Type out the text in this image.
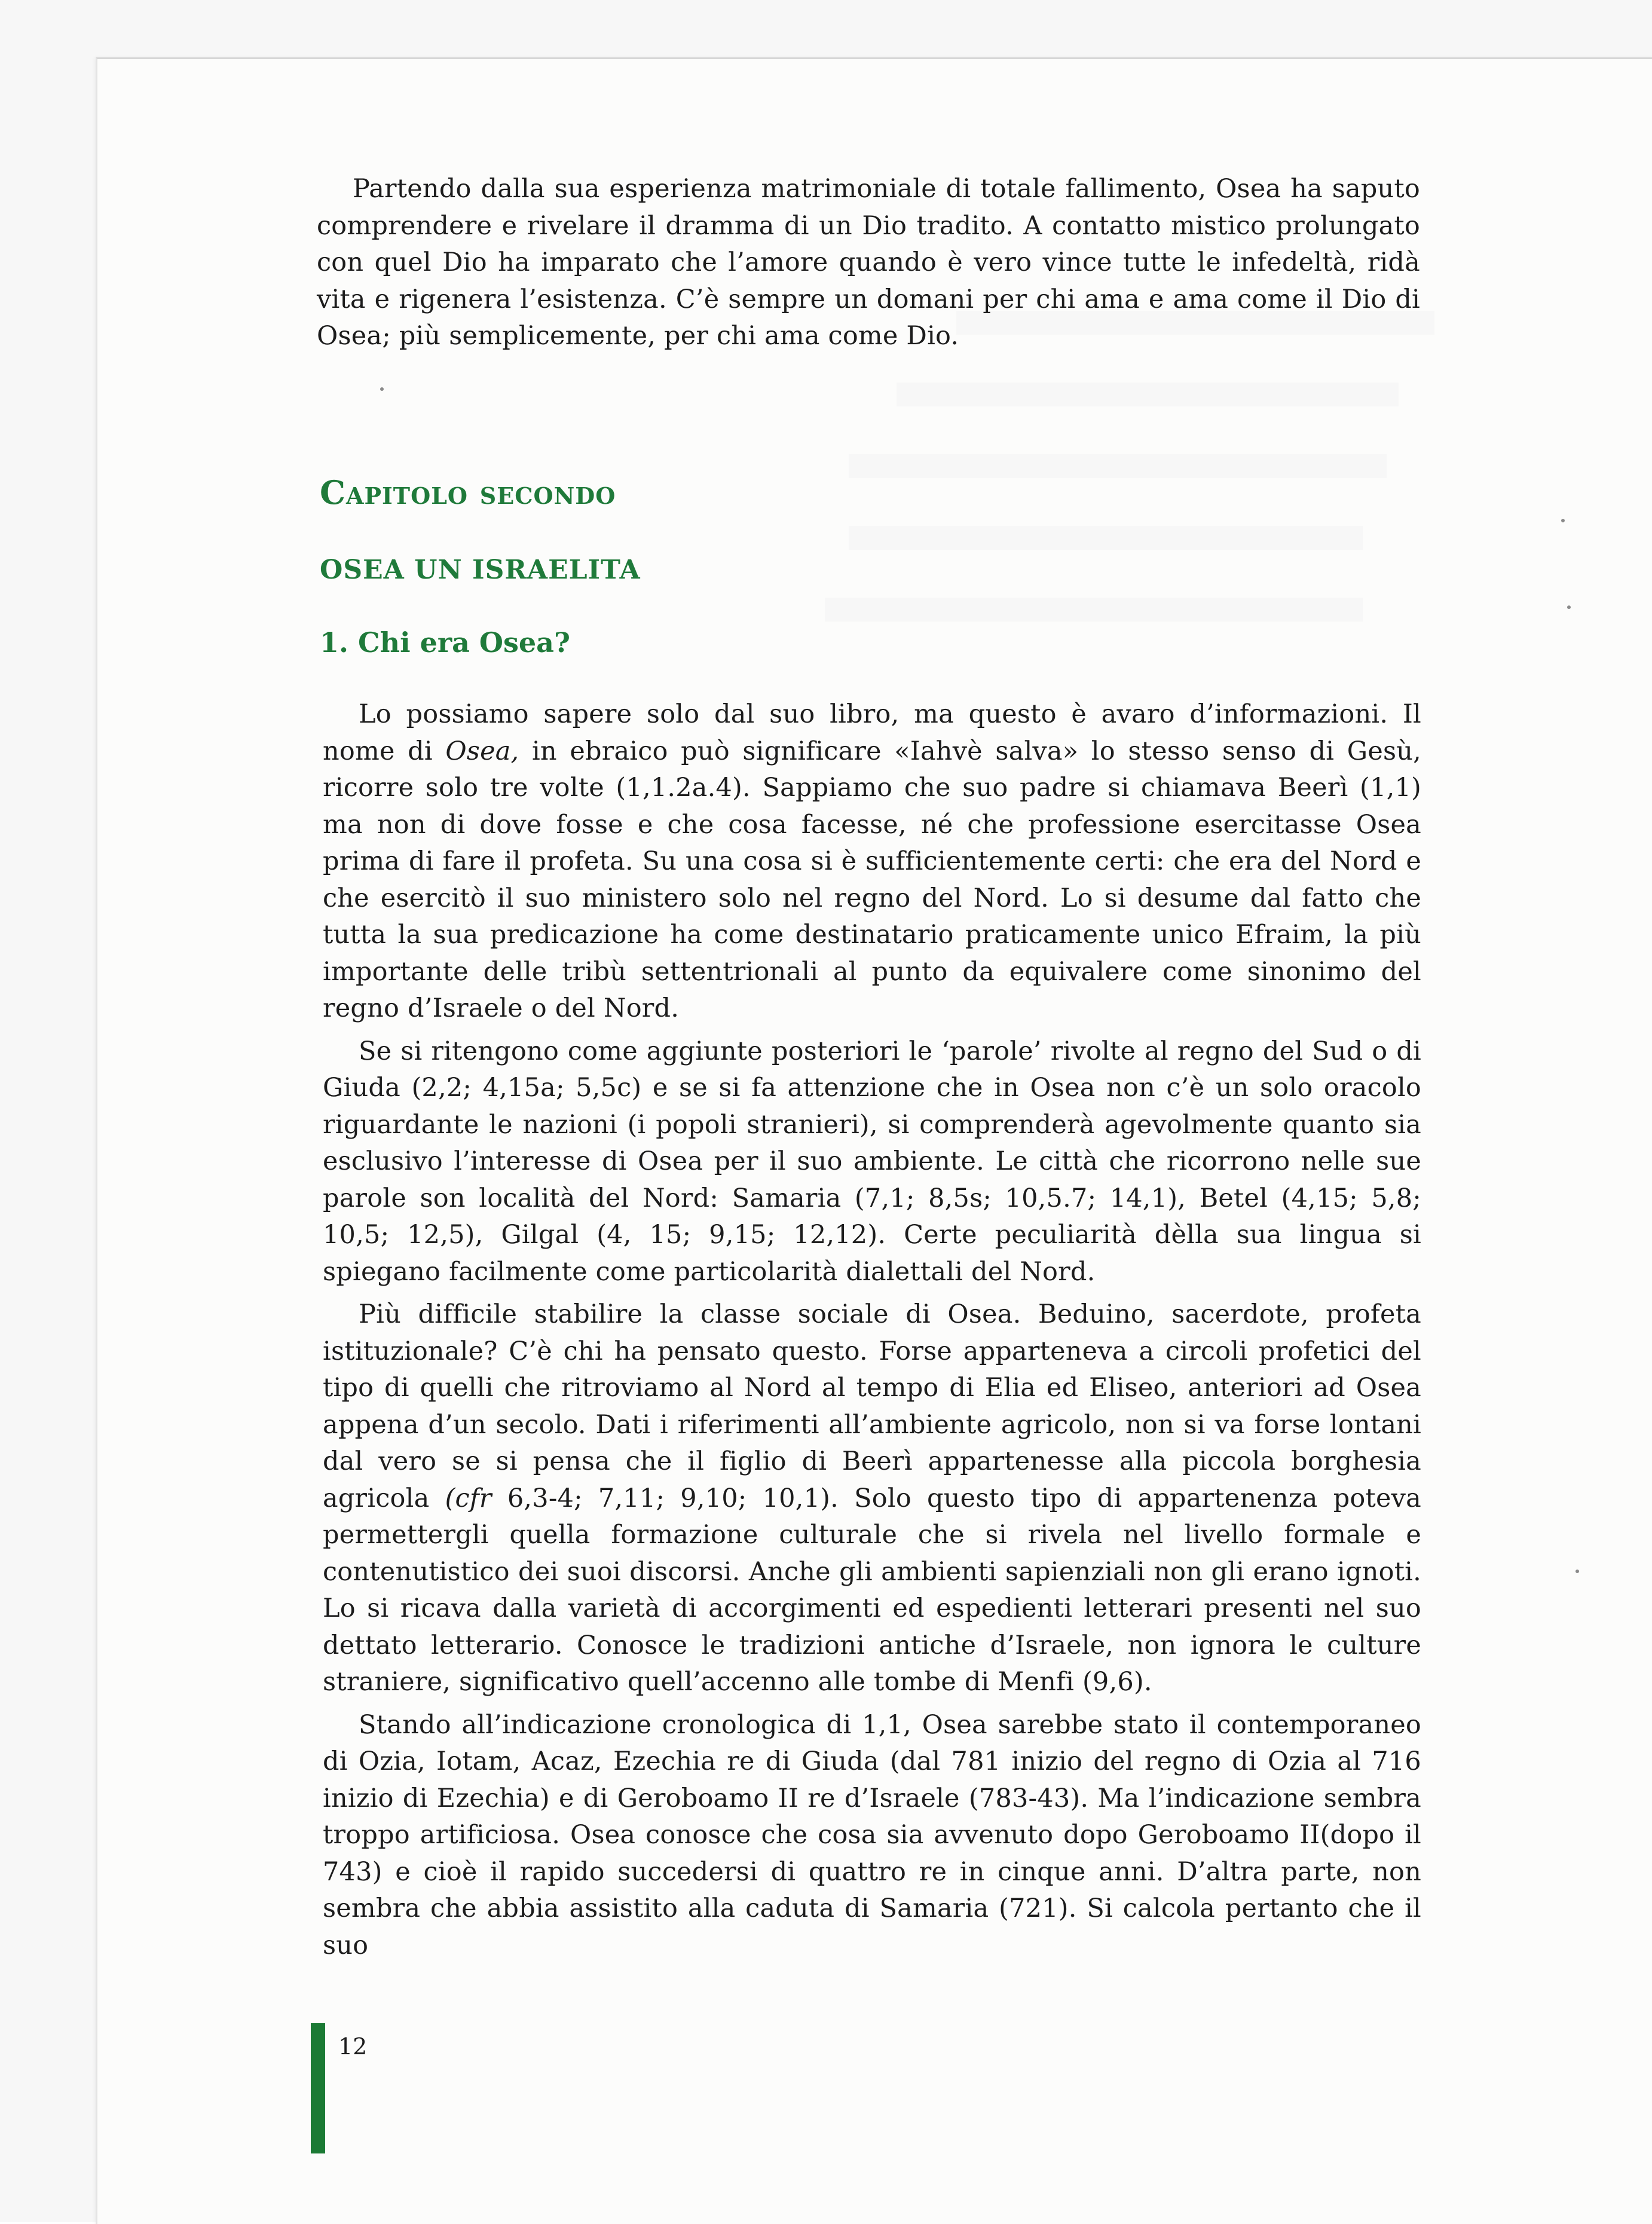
Partendo dalla sua esperienza matrimoniale di totale fallimento, Osea ha saputo comprendere e rivelare il dramma di un Dio tradito. A contatto mistico prolungato con quel Dio ha imparato che l’amore quando è vero vince tutte le infedeltà, ridà vita e rigenera l’esistenza. C’è sempre un domani per chi ama e ama come il Dio di Osea; più semplicemente, per chi ama come Dio.

Capitolo secondo
OSEA UN ISRAELITA
1. Chi era Osea?

Lo possiamo sapere solo dal suo libro, ma questo è avaro d’informazioni. Il nome di Osea, in ebraico può significare «Iahvè salva» lo stesso senso di Gesù, ricorre solo tre volte (1,1.2a.4). Sappiamo che suo padre si chiamava Beerì (1,1) ma non di dove fosse e che cosa facesse, né che professione esercitasse Osea prima di fare il profeta. Su una cosa si è sufficientemente certi: che era del Nord e che esercitò il suo ministero solo nel regno del Nord. Lo si desume dal fatto che tutta la sua predicazione ha come destinatario praticamente unico Efraim, la più importante delle tribù settentrionali al punto da equivalere come sinonimo del regno d’Israele o del Nord.

Se si ritengono come aggiunte posteriori le ‘parole’ rivolte al regno del Sud o di Giuda (2,2; 4,15a; 5,5c) e se si fa attenzione che in Osea non c’è un solo oracolo riguardante le nazioni (i popoli stranieri), si comprenderà agevolmente quanto sia esclusivo l’interesse di Osea per il suo ambiente. Le città che ricorrono nelle sue parole son località del Nord: Samaria (7,1; 8,5s; 10,5.7; 14,1), Betel (4,15; 5,8; 10,5; 12,5), Gilgal (4, 15; 9,15; 12,12). Certe peculiarità dèlla sua lingua si spiegano facilmente come particolarità dialettali del Nord.

Più difficile stabilire la classe sociale di Osea. Beduino, sacerdote, profeta istituzionale? C’è chi ha pensato questo. Forse apparteneva a circoli profetici del tipo di quelli che ritroviamo al Nord al tempo di Elia ed Eliseo, anteriori ad Osea appena d’un secolo. Dati i riferimenti all’ambiente agricolo, non si va forse lontani dal vero se si pensa che il figlio di Beerì appartenesse alla piccola borghesia agricola (cfr 6,3-4; 7,11; 9,10; 10,1). Solo questo tipo di appartenenza poteva permettergli quella formazione culturale che si rivela nel livello formale e contenutistico dei suoi discorsi. Anche gli ambienti sapienziali non gli erano ignoti. Lo si ricava dalla varietà di accorgimenti ed espedienti letterari presenti nel suo dettato letterario. Conosce le tradizioni antiche d’Israele, non ignora le culture straniere, significativo quell’accenno alle tombe di Menfi (9,6).

Stando all’indicazione cronologica di 1,1, Osea sarebbe stato il contemporaneo di Ozia, Iotam, Acaz, Ezechia re di Giuda (dal 781 inizio del regno di Ozia al 716 inizio di Ezechia) e di Geroboamo II re d’Israele (783-43). Ma l’indicazione sembra troppo artificiosa. Osea conosce che cosa sia avvenuto dopo Geroboamo II(dopo il 743) e cioè il rapido succedersi di quattro re in cinque anni. D’altra parte, non sembra che abbia assistito alla caduta di Samaria (721). Si calcola pertanto che il suo

12
